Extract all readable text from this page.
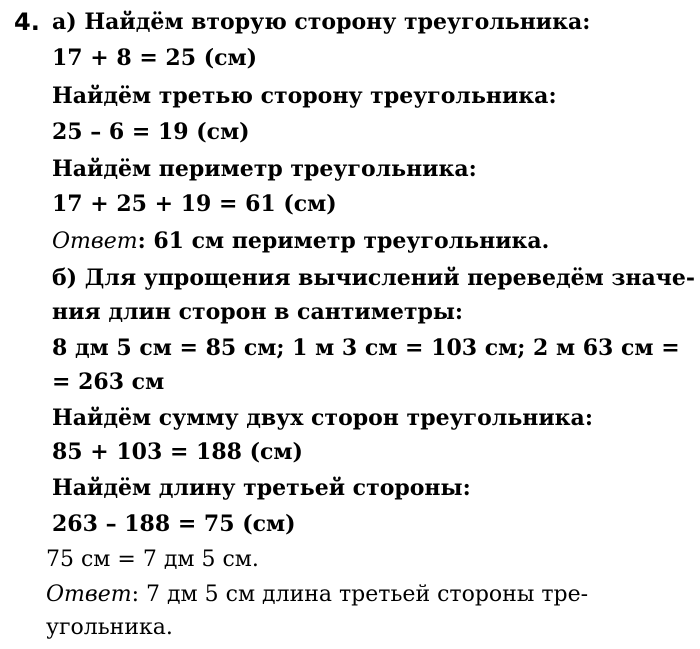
4. а) Найдём вторую сторону треугольника:
17 + 8 = 25 (см)
Найдём третью сторону треугольника:
25 – 6 = 19 (см)
Найдём периметр треугольника:
17 + 25 + 19 = 61 (см)
Ответ: 61 см периметр треугольника.
б) Для упрощения вычислений переведём значе-
ния длин сторон в сантиметры:
8 дм 5 см = 85 см; 1 м 3 см = 103 см; 2 м 63 см =
= 263 см
Найдём сумму двух сторон треугольника:
85 + 103 = 188 (см)
Найдём длину третьей стороны:
263 – 188 = 75 (см)
75 см = 7 дм 5 см.
Ответ: 7 дм 5 см длина третьей стороны тре-
угольника.
